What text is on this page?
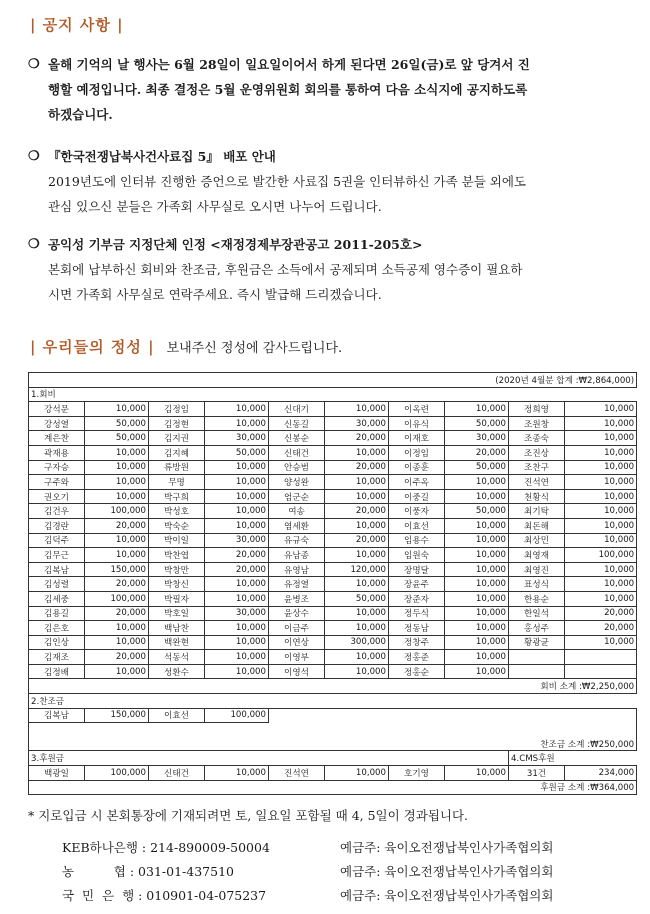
| 공지 사항 |
❍ 올해 기억의 날 행사는 6월 28일이 일요일이어서 하게 된다면 26일(금)로 앞 당겨서 진
행할 예정입니다. 최종 결정은 5월 운영위원회 회의를 통하여 다음 소식지에 공지하도록
하겠습니다.
❍ 『한국전쟁납북사건사료집 5』 배포 안내
2019년도에 인터뷰 진행한 증언으로 발간한 사료집 5권을 인터뷰하신 가족 분들 외에도
관심 있으신 분들은 가족회 사무실로 오시면 나누어 드립니다.
❍ 공익성 기부금 지정단체 인정 <재정경제부장관공고 2011-205호>
본회에 납부하신 회비와 찬조금, 후원금은 소득에서 공제되며 소득공제 영수증이 필요하
시면 가족회 사무실로 연락주세요. 즉시 발급해 드리겠습니다.
| 우리들의 정성 | 보내주신 정성에 감사드립니다.
(2020년 4월분 합계 :₩2,864,000)									
1.회비									
강석문	10,000	김정임	10,000	신대기	10,000	이옥련	10,000	정희영	10,000
강성열	50,000	김정현	10,000	신동길	30,000	이유식	50,000	조원창	10,000
계은찬	50,000	김지권	30,000	신봉순	20,000	이재호	30,000	조종숙	10,000
곽재용	10,000	김지혜	50,000	신태건	10,000	이정임	20,000	조진상	10,000
구자승	10,000	류방원	10,000	안승범	20,000	이종훈	50,000	조찬구	10,000
구주와	10,000	무명	10,000	양성완	10,000	이주옥	10,000	진석연	10,000
권오기	10,000	박구희	10,000	엄군순	10,000	이중길	10,000	천황식	10,000
김건우	100,000	박성호	10,000	여송	20,000	이풍자	50,000	최기탁	10,000
김경란	20,000	박숙순	10,000	염세환	10,000	이효선	10,000	최돈해	10,000
김덕주	10,000	박이일	30,000	유규숙	20,000	임용수	10,000	최상민	10,000
김무근	10,000	박찬엽	20,000	유남종	10,000	임원숙	10,000	최영재	100,000
김복남	150,000	박창만	20,000	유영남	120,000	장명달	10,000	최영진	10,000
김성렬	20,000	박창신	10,000	유정열	10,000	장윤주	10,000	표성식	10,000
김세중	100,000	박필자	10,000	윤병조	50,000	장준자	10,000	한용순	10,000
김용길	20,000	박호일	30,000	윤상수	10,000	정두식	10,000	한일석	20,000
김은호	10,000	백남찬	10,000	이금주	10,000	정동남	10,000	홍성주	20,000
김인상	10,000	백완현	10,000	이연상	300,000	정창주	10,000	황광균	10,000
김재조	20,000	석동석	10,000	이영부	10,000	정홍준	10,000		
김정배	10,000	성환수	10,000	이영석	10,000	정홍순	10,000		
회비 소계 :₩2,250,000									
2.찬조금									
김복남	150,000	이효선	100,000						

찬조금 소계 :₩250,000									
3.후원금								4.CMS후원	
백광일	100,000	신태건	10,000	진석연	10,000	호기영	10,000	31건	234,000
후원금 소계 :₩364,000									
* 지로입금 시 본회통장에 기재되려면 토, 일요일 포함될 때 4, 5일이 경과됩니다.
KEB하나은행 : 214-890009-50004	예금주: 육이오전쟁납북인사가족협의회
농          협 : 031-01-437510	예금주: 육이오전쟁납북인사가족협의회
국  민  은  행 : 010901-04-075237	예금주: 육이오전쟁납북인사가족협의회
